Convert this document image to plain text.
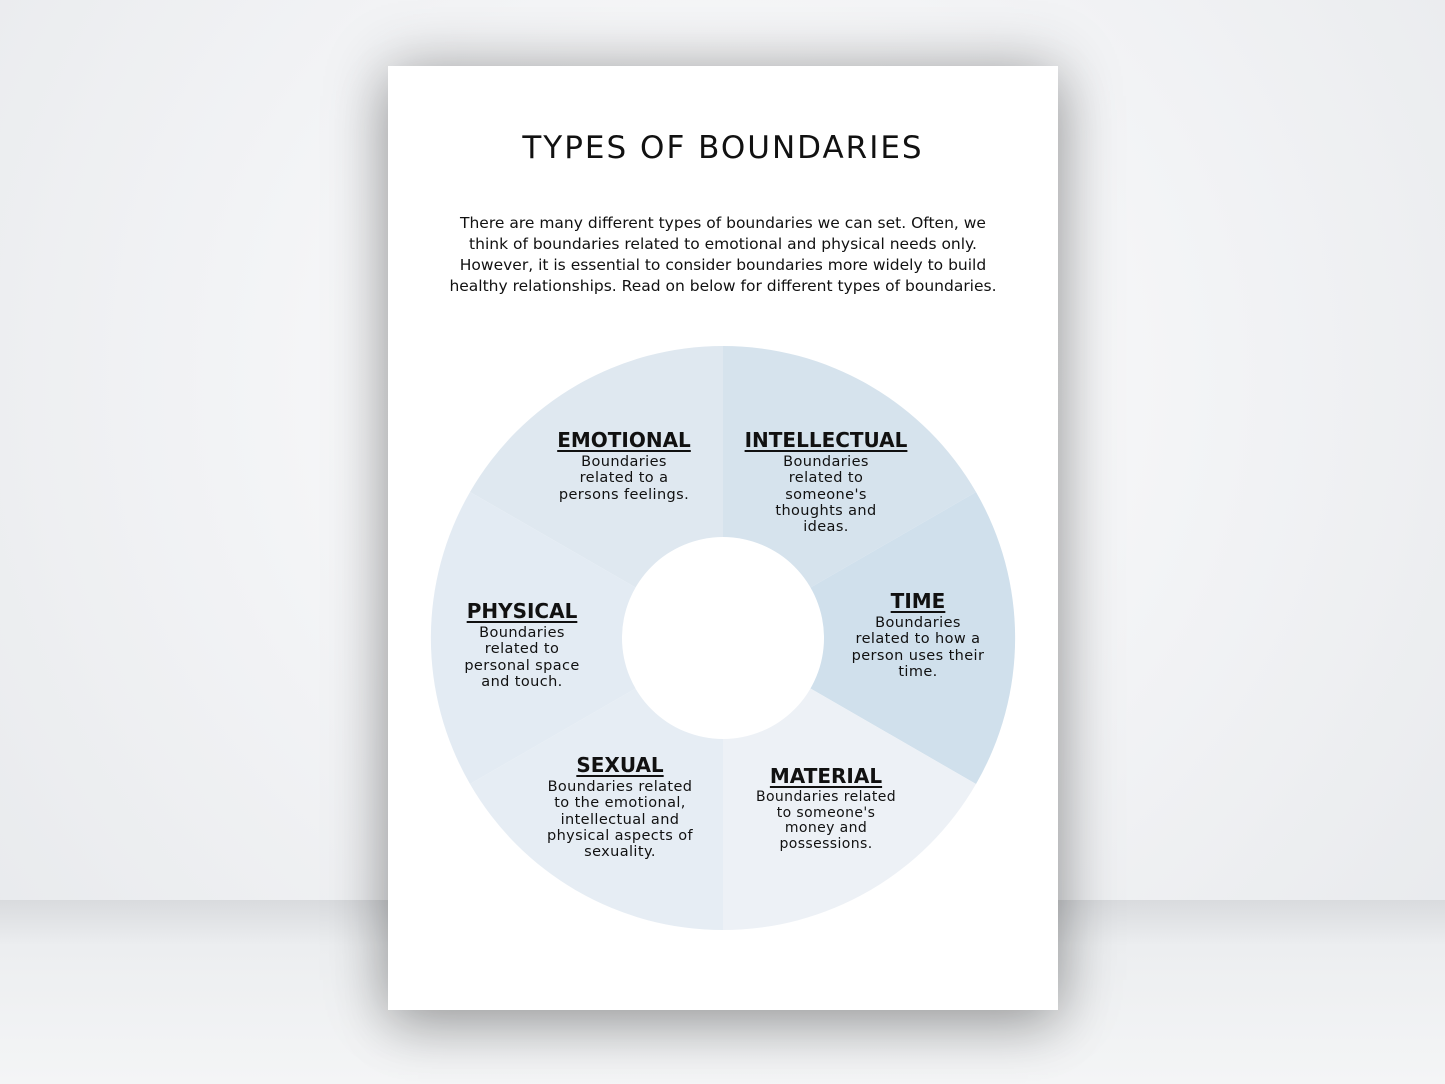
TYPES OF BOUNDARIES

There are many different types of boundaries we can set. Often, we
think of boundaries related to emotional and physical needs only.
However, it is essential to consider boundaries more widely to build
healthy relationships. Read on below for different types of boundaries.

EMOTIONAL
Boundaries
related to a
persons feelings.
INTELLECTUAL
Boundaries
related to
someone's
thoughts and
ideas.
TIME
Boundaries
related to how a
person uses their
time.
MATERIAL
Boundaries related
to someone's
money and
possessions.
SEXUAL
Boundaries related
to the emotional,
intellectual and
physical aspects of
sexuality.
PHYSICAL
Boundaries
related to
personal space
and touch.
